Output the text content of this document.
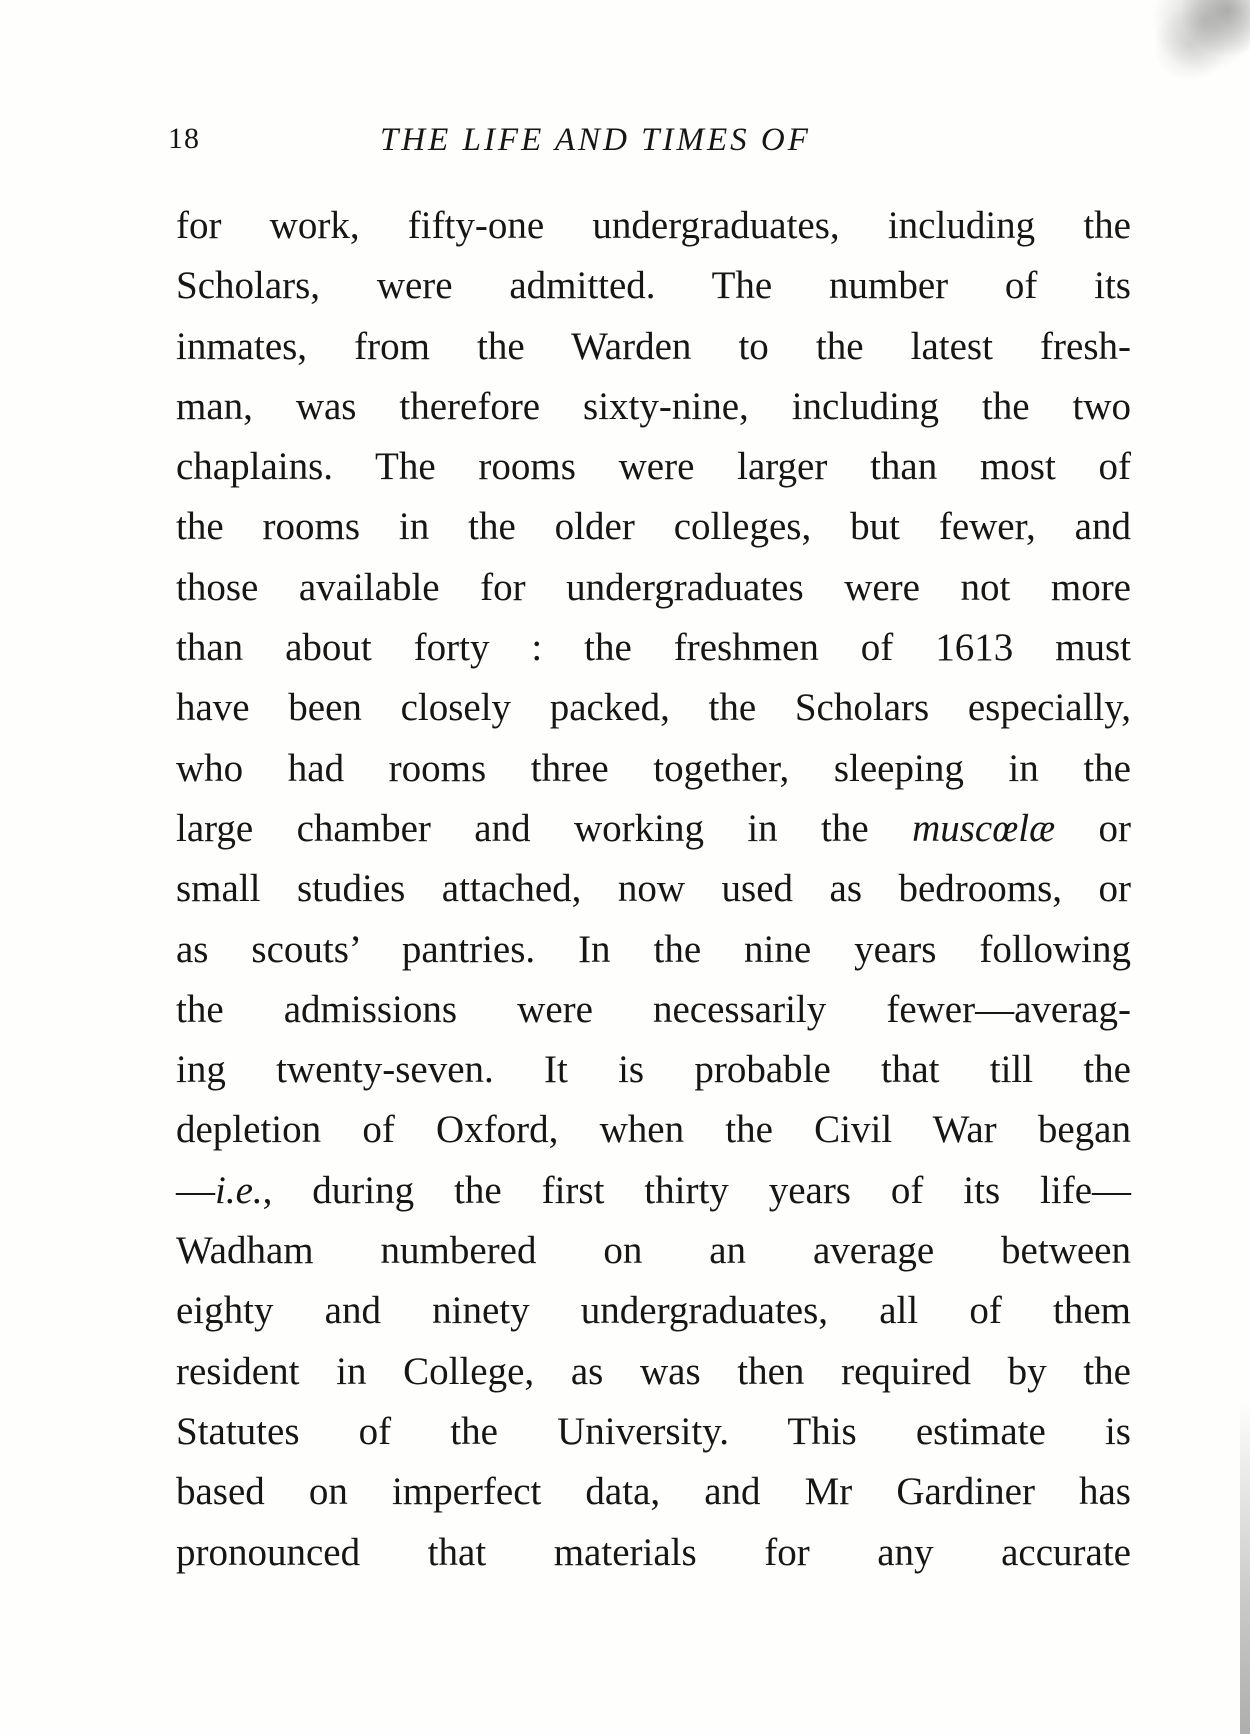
18	THE LIFE AND TIMES OF
for work, fifty-one undergraduates, including the
Scholars, were admitted. The number of its
inmates, from the Warden to the latest fresh-
man, was therefore sixty-nine, including the two
chaplains. The rooms were larger than most of
the rooms in the older colleges, but fewer, and
those available for undergraduates were not more
than about forty : the freshmen of 1613 must
have been closely packed, the Scholars especially,
who had rooms three together, sleeping in the
large chamber and working in the muscœlæ or
small studies attached, now used as bedrooms, or
as scouts’ pantries. In the nine years following
the admissions were necessarily fewer—averag-
ing twenty-seven. It is probable that till the
depletion of Oxford, when the Civil War began
—i.e., during the first thirty years of its life—
Wadham numbered on an average between
eighty and ninety undergraduates, all of them
resident in College, as was then required by the
Statutes of the University. This estimate is
based on imperfect data, and Mr Gardiner has
pronounced that materials for any accurate
